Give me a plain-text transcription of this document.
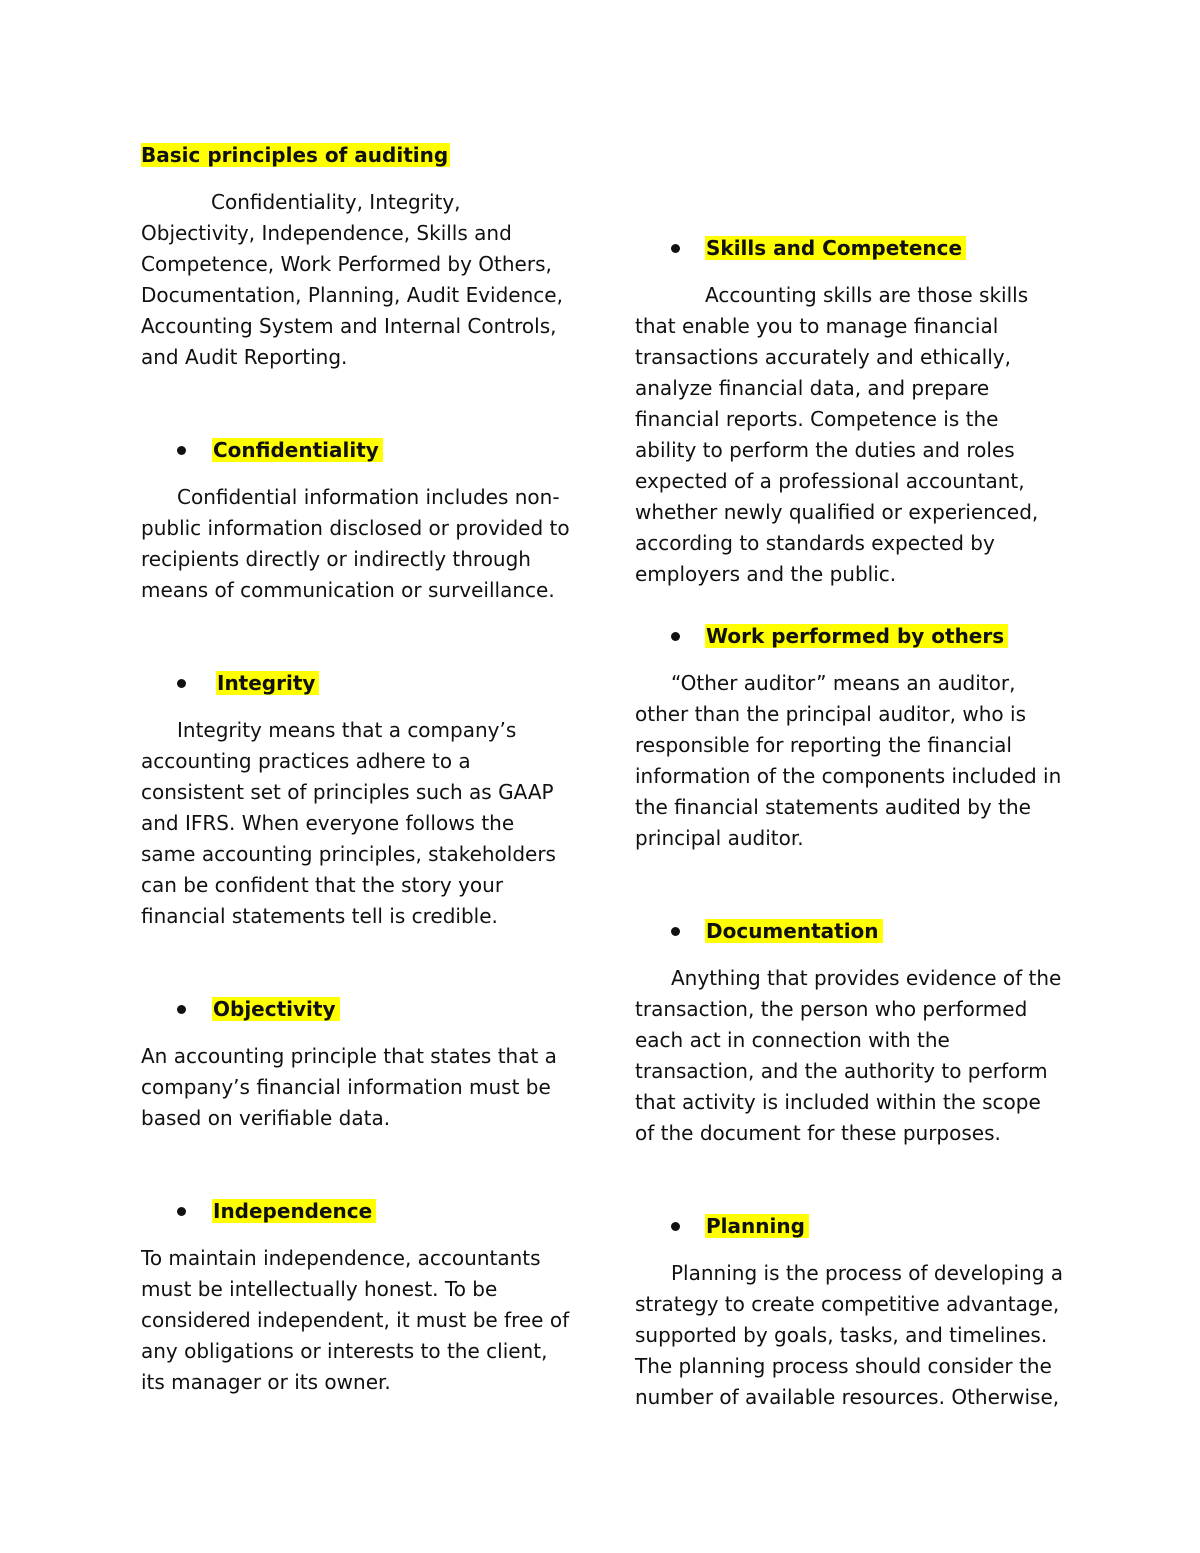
Basic principles of auditing

Confidentiality, Integrity, Objectivity, Independence, Skills and Competence, Work Performed by Others, Documentation, Planning, Audit Evidence, Accounting System and Internal Controls, and Audit Reporting.

Confidentiality

Confidential information includes non-public information disclosed or provided to recipients directly or indirectly through means of communication or surveillance.

Integrity

Integrity means that a company’s accounting practices adhere to a consistent set of principles such as GAAP and IFRS. When everyone follows the same accounting principles, stakeholders can be confident that the story your financial statements tell is credible.

Objectivity

An accounting principle that states that a company’s financial information must be based on verifiable data.

Independence

To maintain independence, accountants must be intellectually honest. To be considered independent, it must be free of any obligations or interests to the client, its manager or its owner.

Skills and Competence

Accounting skills are those skills that enable you to manage financial transactions accurately and ethically, analyze financial data, and prepare financial reports. Competence is the ability to perform the duties and roles expected of a professional accountant, whether newly qualified or experienced, according to standards expected by employers and the public.

Work performed by others

“Other auditor” means an auditor, other than the principal auditor, who is responsible for reporting the financial information of the components included in the financial statements audited by the principal auditor.

Documentation

Anything that provides evidence of the transaction, the person who performed each act in connection with the transaction, and the authority to perform that activity is included within the scope of the document for these purposes.

Planning

Planning is the process of developing a strategy to create competitive advantage, supported by goals, tasks, and timelines. The planning process should consider the number of available resources. Otherwise,
